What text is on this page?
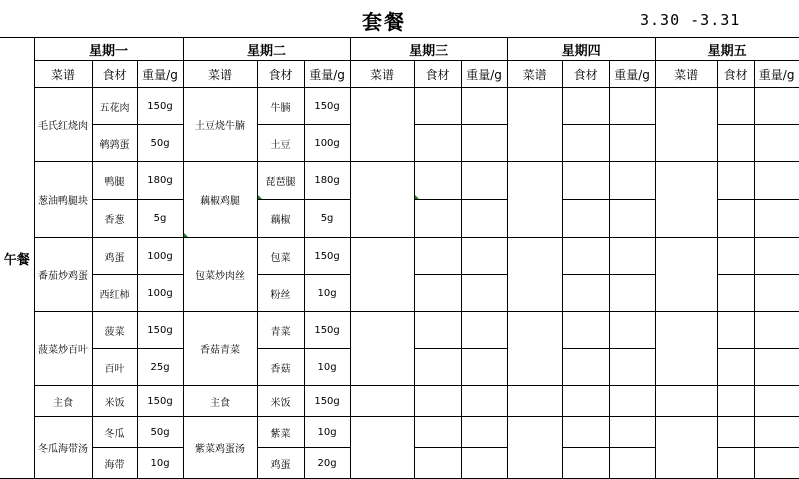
套餐	3.30 -3.31
午餐	星期一			星期二			星期三			星期四			星期五		
	菜谱	食材	重量/g	菜谱	食材	重量/g	菜谱	食材	重量/g	菜谱	食材	重量/g	菜谱	食材	重量/g
	毛氏红烧肉	五花肉	150g	土豆烧牛腩	牛腩	150g									
		鹌鹑蛋	50g		土豆	100g									
	葱油鸭腿块	鸭腿	180g	藕椒鸡腿	琵琶腿	180g									
		香葱	5g		藕椒	5g									
	番茄炒鸡蛋	鸡蛋	100g	包菜炒肉丝	包菜	150g									
		西红柿	100g		粉丝	10g									
	菠菜炒百叶	菠菜	150g	香菇青菜	青菜	150g									
		百叶	25g		香菇	10g									
	主食	米饭	150g	主食	米饭	150g									
	冬瓜海带汤	冬瓜	50g	紫菜鸡蛋汤	紫菜	10g									
		海带	10g		鸡蛋	20g									
